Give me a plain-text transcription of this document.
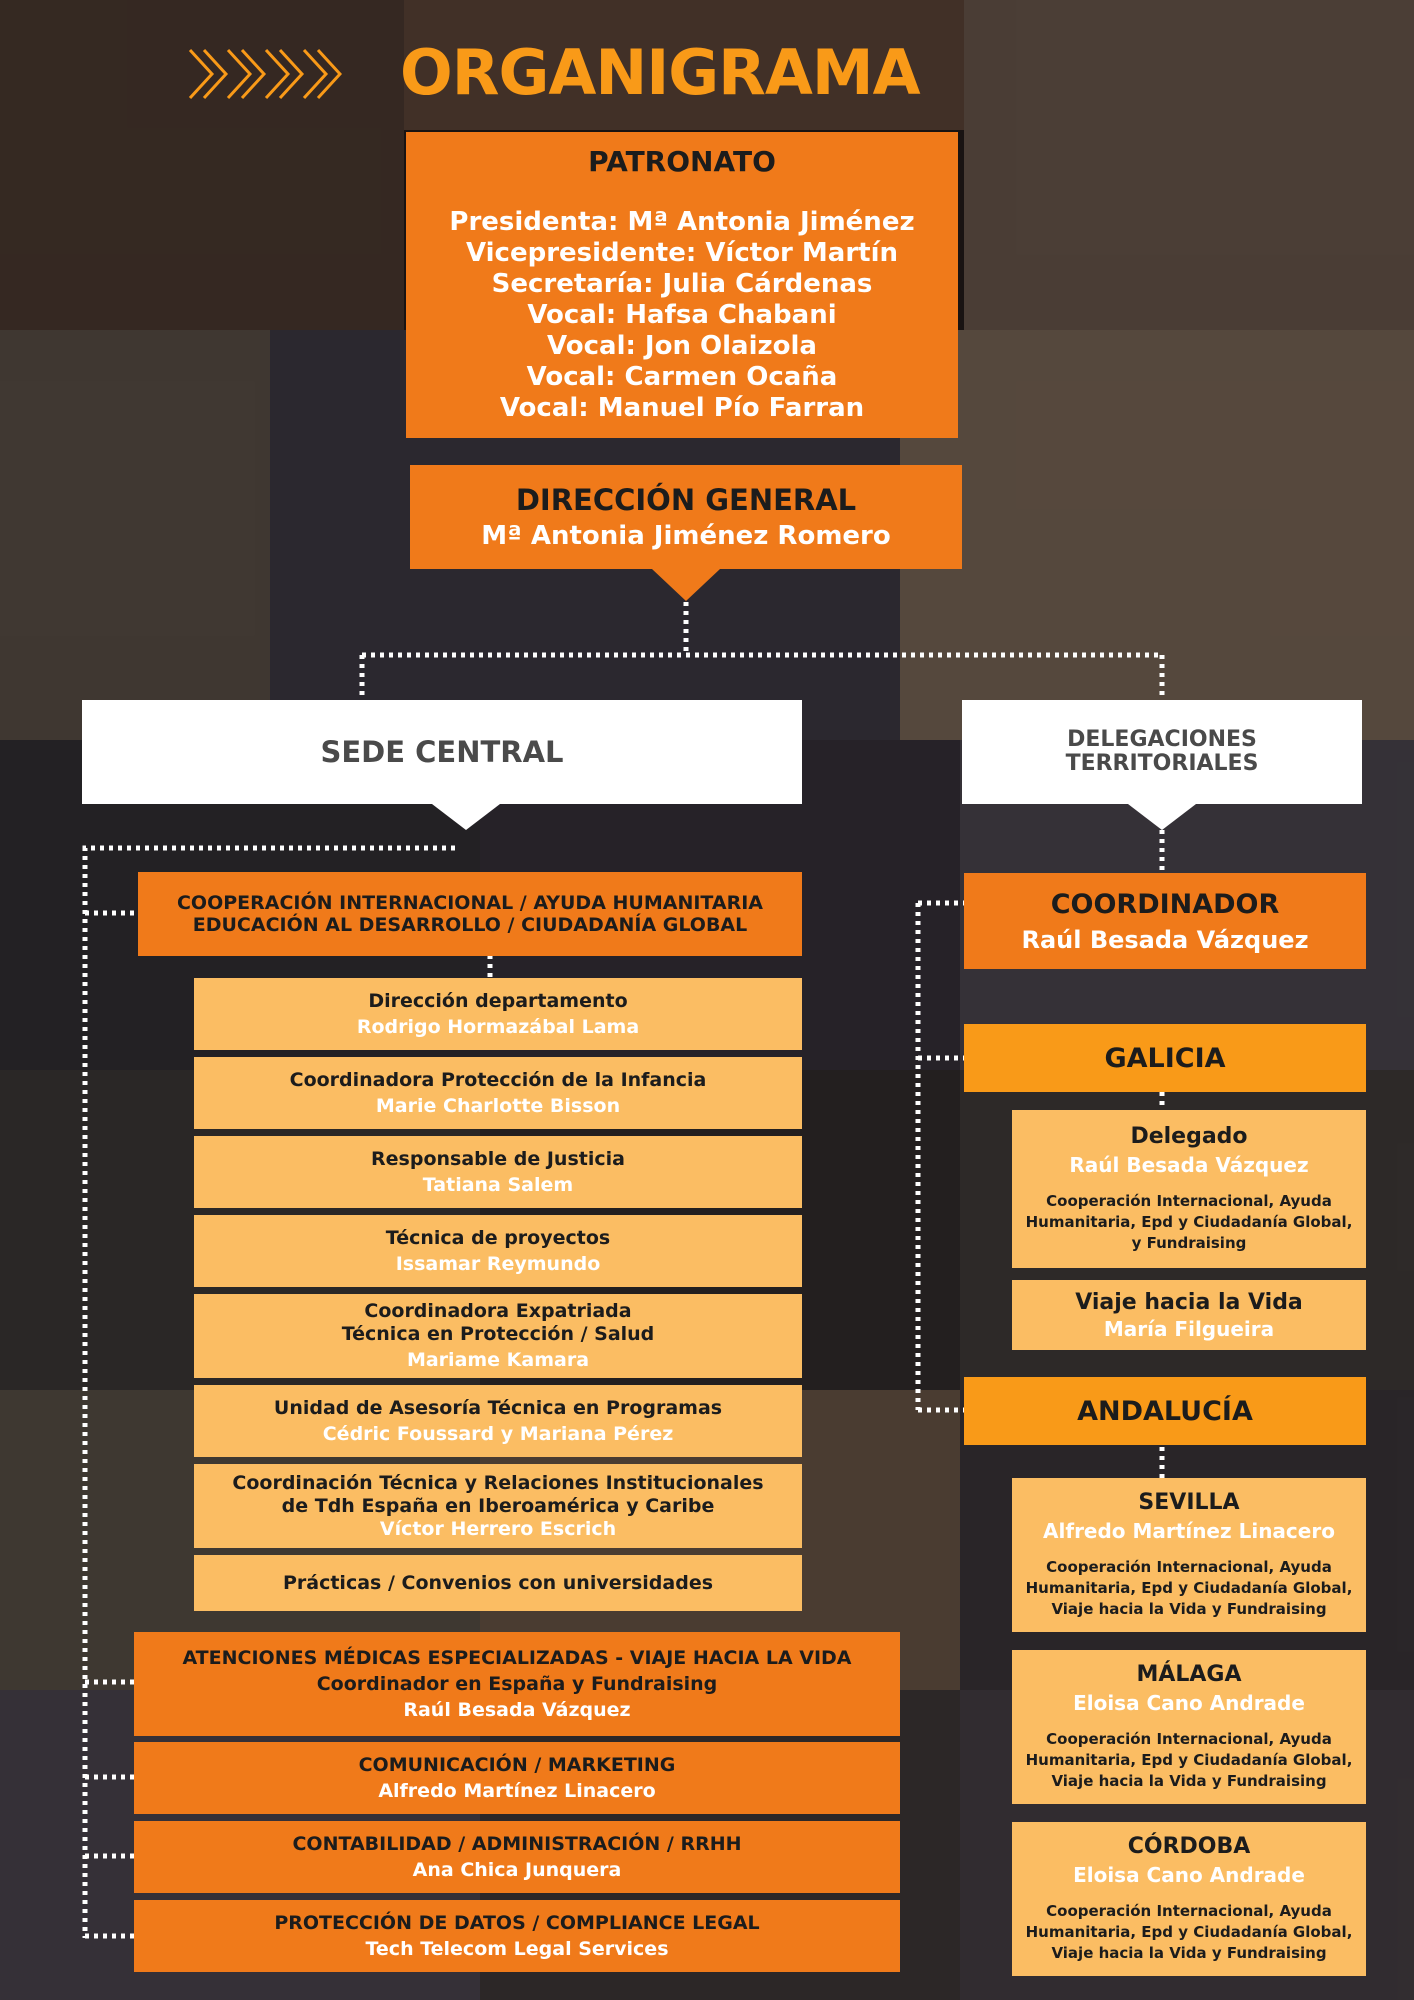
ORGANIGRAMA
PATRONATO
Presidenta: Mª Antonia Jiménez
Vicepresidente: Víctor Martín
Secretaría: Julia Cárdenas
Vocal: Hafsa Chabani
Vocal: Jon Olaizola
Vocal: Carmen Ocaña
Vocal: Manuel Pío Farran
DIRECCIÓN GENERAL
Mª Antonia Jiménez Romero
SEDE CENTRAL	DELEGACIONES
TERRITORIALES
COOPERACIÓN INTERNACIONAL / AYUDA HUMANITARIA
EDUCACIÓN AL DESARROLLO / CIUDADANÍA GLOBAL
Dirección departamento
Rodrigo Hormazábal Lama
Coordinadora Protección de la Infancia
Marie Charlotte Bisson
Responsable de Justicia
Tatiana Salem
Técnica de proyectos
Issamar Reymundo
Coordinadora Expatriada
Técnica en Protección / Salud
Mariame Kamara
Unidad de Asesoría Técnica en Programas
Cédric Foussard y Mariana Pérez
Coordinación Técnica y Relaciones Institucionales
de Tdh España en Iberoamérica y Caribe
Víctor Herrero Escrich
Prácticas / Convenios con universidades
ATENCIONES MÉDICAS ESPECIALIZADAS - VIAJE HACIA LA VIDA
Coordinador en España y Fundraising
Raúl Besada Vázquez
COMUNICACIÓN / MARKETING
Alfredo Martínez Linacero
CONTABILIDAD / ADMINISTRACIÓN / RRHH
Ana Chica Junquera
PROTECCIÓN DE DATOS / COMPLIANCE LEGAL
Tech Telecom Legal Services
COORDINADOR
Raúl Besada Vázquez
GALICIA
Delegado
Raúl Besada Vázquez
Cooperación Internacional, Ayuda
Humanitaria, Epd y Ciudadanía Global,
y Fundraising
Viaje hacia la Vida
María Filgueira
ANDALUCÍA
SEVILLA
Alfredo Martínez Linacero
Cooperación Internacional, Ayuda
Humanitaria, Epd y Ciudadanía Global,
Viaje hacia la Vida y Fundraising
MÁLAGA
Eloisa Cano Andrade
Cooperación Internacional, Ayuda
Humanitaria, Epd y Ciudadanía Global,
Viaje hacia la Vida y Fundraising
CÓRDOBA
Eloisa Cano Andrade
Cooperación Internacional, Ayuda
Humanitaria, Epd y Ciudadanía Global,
Viaje hacia la Vida y Fundraising
